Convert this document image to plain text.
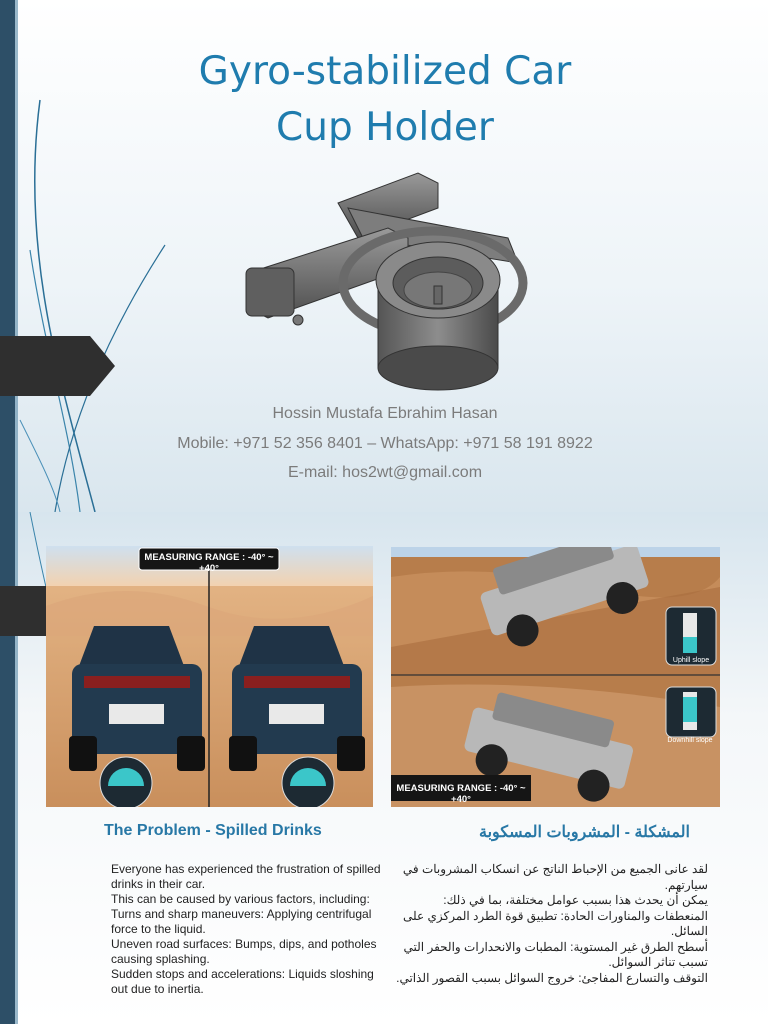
Gyro-stabilized Car
Cup Holder
Hossin Mustafa Ebrahim Hasan
Mobile: +971 52 356 8401 – WhatsApp: +971 58 191 8922
E-mail: hos2wt@gmail.com
MEASURING RANGE : -40° ~ +40°
Uphill slope
Downhill slope
MEASURING RANGE : -40° ~ +40°
The Problem - Spilled Drinks	المشكلة - المشروبات المسكوبة
Everyone has experienced the frustration of spilled drinks in their car.
This can be caused by various factors, including:
Turns and sharp maneuvers: Applying centrifugal force to the liquid.
Uneven road surfaces: Bumps, dips, and potholes causing splashing.
Sudden stops and accelerations: Liquids sloshing out due to inertia.
لقد عانى الجميع من الإحباط الناتج عن انسكاب المشروبات في سيارتهم.
يمكن أن يحدث هذا بسبب عوامل مختلفة، بما في ذلك:
المنعطفات والمناورات الحادة: تطبيق قوة الطرد المركزي على السائل.
أسطح الطرق غير المستوية: المطبات والانحدارات والحفر التي تسبب تناثر السوائل.
التوقف والتسارع المفاجئ: خروج السوائل بسبب القصور الذاتي.
